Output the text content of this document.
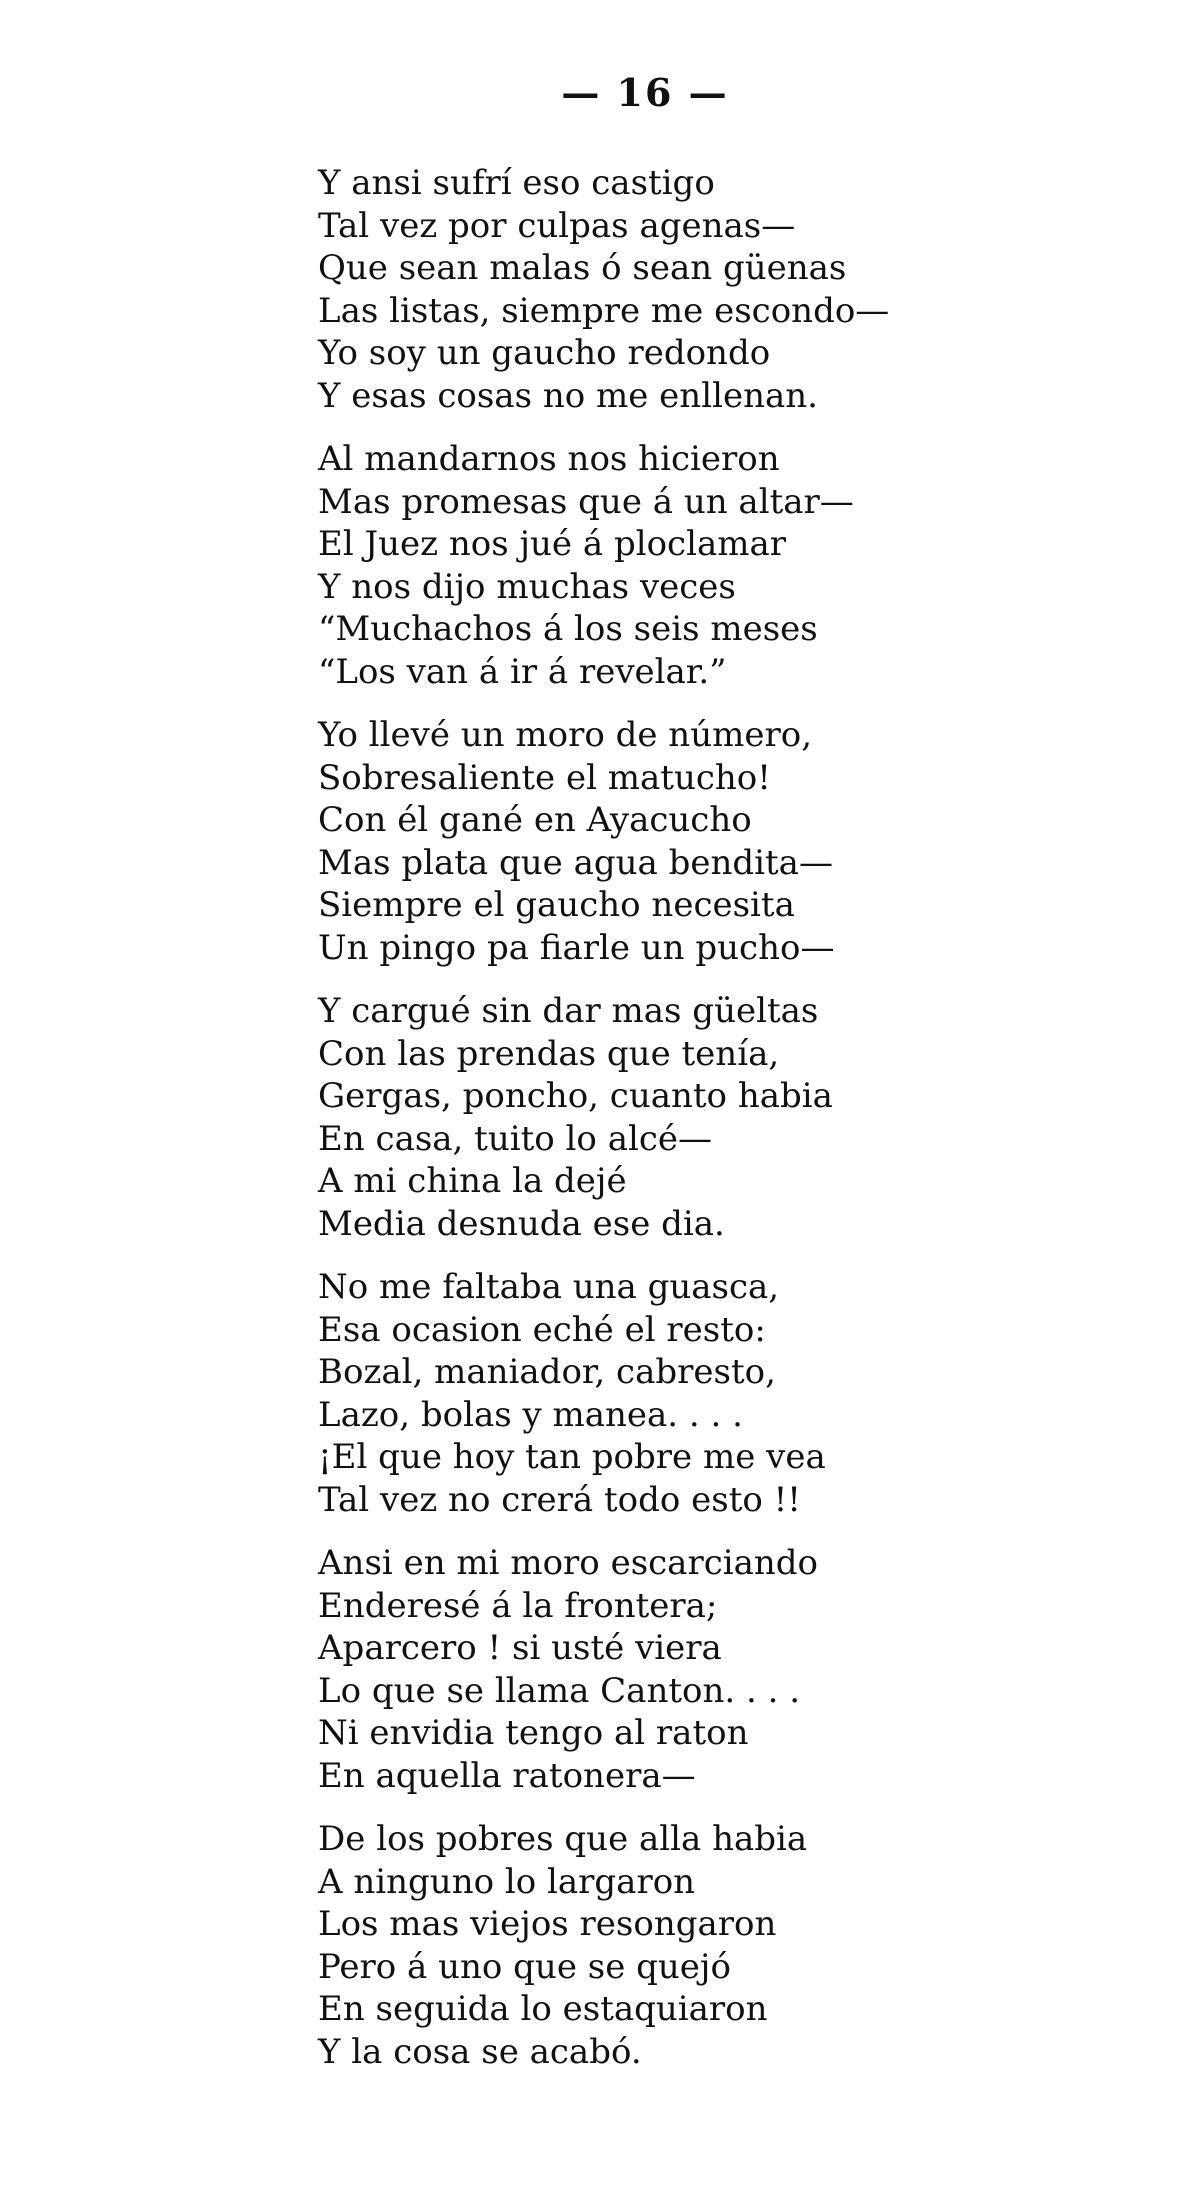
— 16 —
Y ansi sufrí eso castigo
Tal vez por culpas agenas—
Que sean malas ó sean güenas
Las listas, siempre me escondo—
Yo soy un gaucho redondo
Y esas cosas no me enllenan.
Al mandarnos nos hicieron
Mas promesas que á un altar—
El Juez nos jué á ploclamar
Y nos dijo muchas veces
“Muchachos á los seis meses
“Los van á ir á revelar.”
Yo llevé un moro de número,
Sobresaliente el matucho!
Con él gané en Ayacucho
Mas plata que agua bendita—
Siempre el gaucho necesita
Un pingo pa fiarle un pucho—
Y cargué sin dar mas güeltas
Con las prendas que tenía,
Gergas, poncho, cuanto habia
En casa, tuito lo alcé—
A mi china la dejé
Media desnuda ese dia.
No me faltaba una guasca,
Esa ocasion eché el resto:
Bozal, maniador, cabresto,
Lazo, bolas y manea. . . .
¡El que hoy tan pobre me vea
Tal vez no crerá todo esto !!
Ansi en mi moro escarciando
Enderesé á la frontera;
Aparcero ! si usté viera
Lo que se llama Canton. . . .
Ni envidia tengo al raton
En aquella ratonera—
De los pobres que alla habia
A ninguno lo largaron
Los mas viejos resongaron
Pero á uno que se quejó
En seguida lo estaquiaron
Y la cosa se acabó.
